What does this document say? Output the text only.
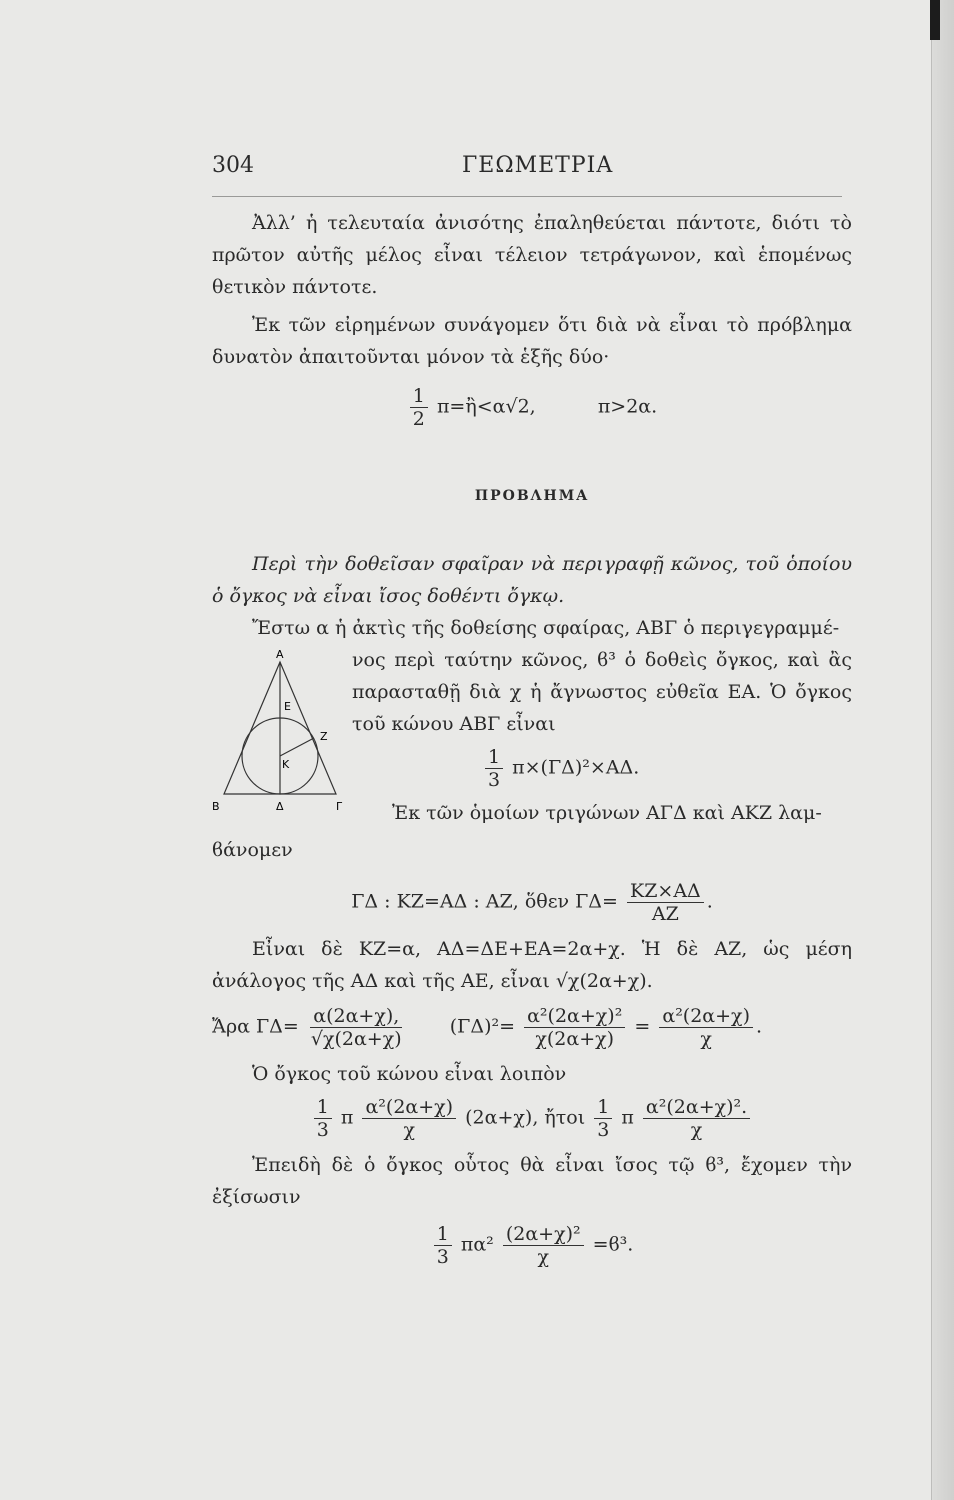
304	ΓΕΩΜΕΤΡΙΑ

Ἀλλ’ ἡ τελευταία ἀνισότης ἐπαληθεύεται πάντοτε, διότι τὸ πρῶτον αὐτῆς μέλος εἶναι τέλειον τετράγωνον, καὶ ἑπομένως θετικὸν πάντοτε.

Ἐκ τῶν εἰρημένων συνάγομεν ὅτι διὰ νὰ εἶναι τὸ πρόβλημα δυνατὸν ἀπαιτοῦνται μόνον τὰ ἑξῆς δύο·

$\frac{1}{2}$ π=ἢ<α√2,	π>2α.
ΠΡΟΒΛΗΜΑ

Περὶ τὴν δοθεῖσαν σφαῖραν νὰ περιγραφῇ κῶνος, τοῦ ὁποίου ὁ ὄγκος νὰ εἶναι ἴσος δοθέντι ὄγκῳ.

Ἔστω α ἡ ἀκτὶς τῆς δοθείσης σφαίρας, ΑΒΓ ὁ περιγεγραμμέ-

Α
Β	Γ
Δ
Ε
Κ
Ζ

νος περὶ ταύτην κῶνος, ϐ³ ὁ δοθεὶς ὄγκος, καὶ ἂς παρασταθῇ διὰ χ ἡ ἄγνωστος εὐθεῖα ΕΑ. Ὁ ὄγκος τοῦ κώνου ΑΒΓ εἶναι

$\frac{1}{3} \pi\times(\Gamma\Delta)^2\times A\Delta$.

Ἐκ τῶν ὁμοίων τριγώνων ΑΓΔ καὶ ΑΚΖ λαμ-

ϐάνομεν

ΓΔ : ΚΖ=ΑΔ : ΑΖ, ὅθεν $\Gamma\Delta= \frac{KZ\times A\Delta}{AZ}$ .

Εἶναι δὲ ΚΖ=α, ΑΔ=ΔΕ+ΕΑ=2α+χ. Ἡ δὲ ΑΖ, ὡς μέση ἀνάλογος τῆς ΑΔ καὶ τῆς ΑΕ, εἶναι √χ(2α+χ).

Ἄρα $\Gamma\Delta= \frac{\alpha(2\alpha+\chi),}{√\chi(2\alpha+\chi)} (\Gamma\Delta)^2= \frac{\text{α²(2α+χ)²}}{\chi(2\alpha+\chi)} = \frac{\text{α²(2α+χ)}}{\chi}$ .

Ὁ ὄγκος τοῦ κώνου εἶναι λοιπὸν

$\frac{1}{3}$ π $\frac{\text{α²(2α+χ)}}{\chi} (2\alpha+\chi)$, ἤτοι $\frac{1}{3}$ π $\frac{\text{α²(2α+χ)².}}{\chi}$

Ἐπειδὴ δὲ ὁ ὄγκος οὗτος θὰ εἶναι ἴσος τῷ ϐ³, ἔχομεν τὴν ἐξίσωσιν

$\frac{1}{3} \pi\alpha^2 \frac{\text{(2α+χ)²}}{\chi} =ϐ^3$.
